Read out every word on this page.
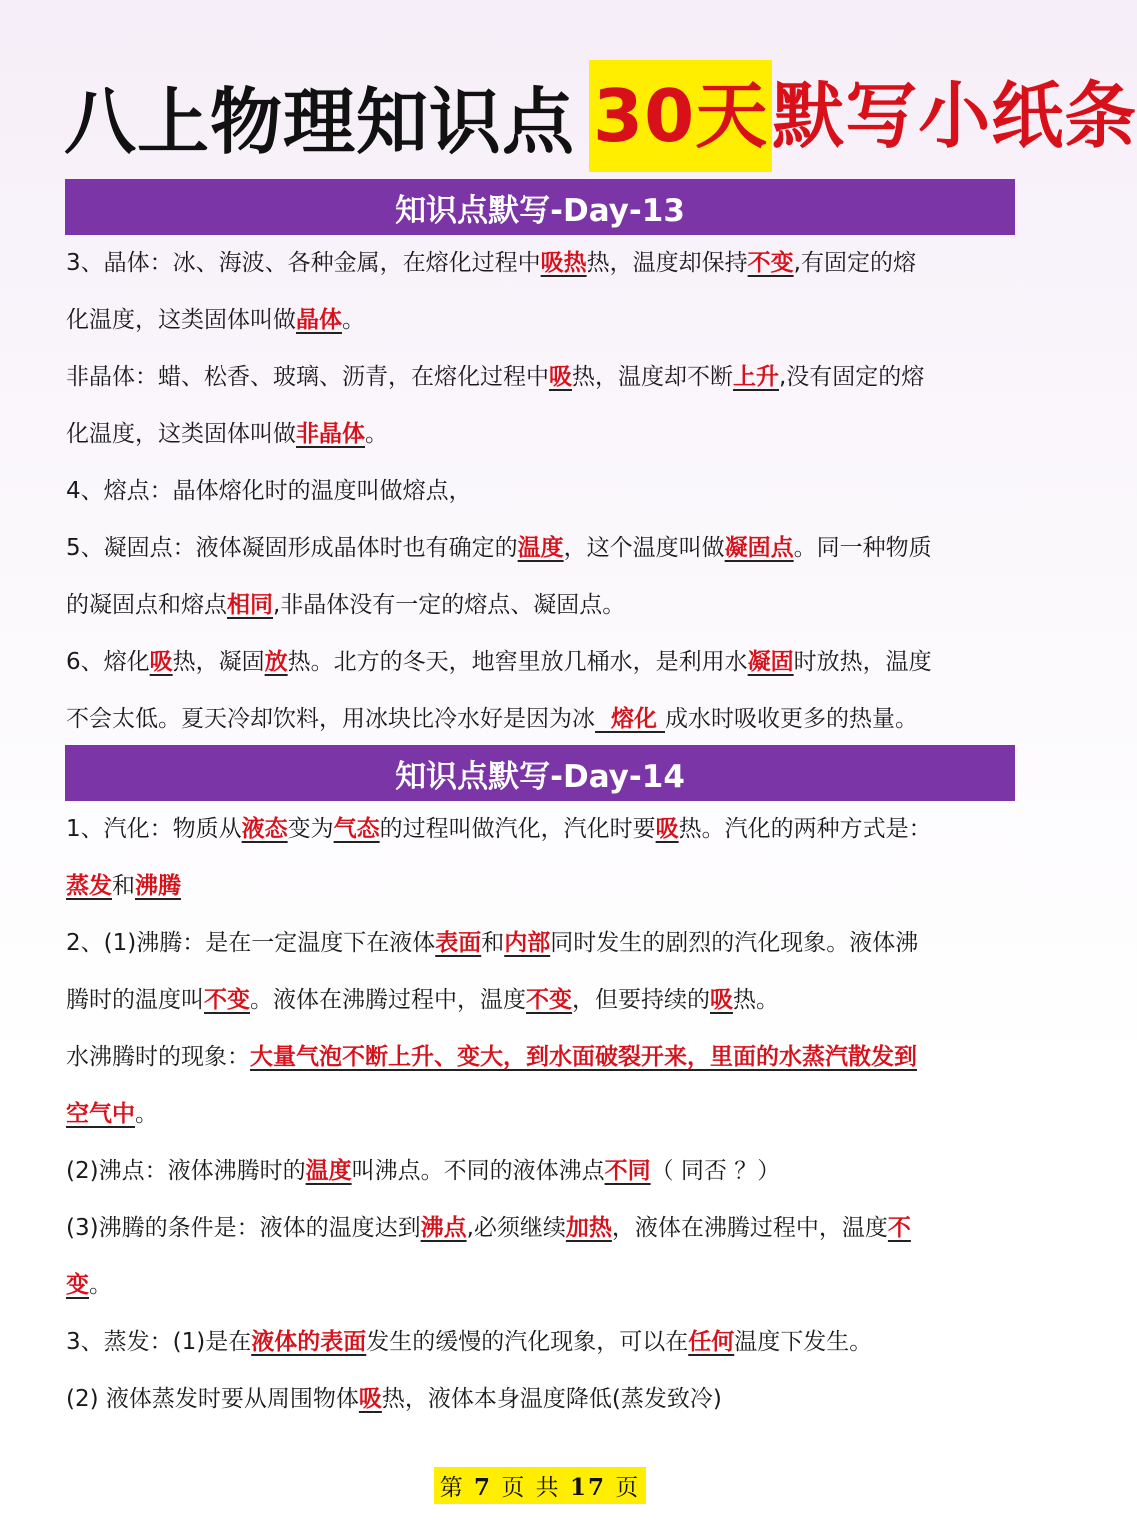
八上物理知识点 30天 默写小纸条
知识点默写-Day-13
3、晶体：冰、海波、各种金属，在熔化过程中吸热热，温度却保持不变,有固定的熔
化温度，这类固体叫做晶体。
非晶体：蜡、松香、玻璃、沥青，在熔化过程中吸热，温度却不断上升,没有固定的熔
化温度，这类固体叫做非晶体。
4、熔点：晶体熔化时的温度叫做熔点，
5、凝固点：液体凝固形成晶体时也有确定的温度，这个温度叫做凝固点。同一种物质
的凝固点和熔点相同,非晶体没有一定的熔点、凝固点。
6、熔化吸热，凝固放热。北方的冬天，地窖里放几桶水，是利用水凝固时放热，温度
不会太低。夏天冷却饮料，用冰块比冷水好是因为冰  熔化 成水时吸收更多的热量。
知识点默写-Day-14
1、汽化：物质从液态变为气态的过程叫做汽化，汽化时要吸热。汽化的两种方式是：
蒸发和沸腾
2、(1)沸腾：是在一定温度下在液体表面和内部同时发生的剧烈的汽化现象。液体沸
腾时的温度叫不变。液体在沸腾过程中，温度不变，但要持续的吸热。
水沸腾时的现象：大量气泡不断上升、变大，到水面破裂开来，里面的水蒸汽散发到
空气中。
(2)沸点：液体沸腾时的温度叫沸点。不同的液体沸点不同（ 同否 ？）
(3)沸腾的条件是：液体的温度达到沸点,必须继续加热，液体在沸腾过程中，温度不
变。
3、蒸发：(1)是在液体的表面发生的缓慢的汽化现象，可以在任何温度下发生。
(2) 液体蒸发时要从周围物体吸热，液体本身温度降低(蒸发致冷)
第 7 页 共 17 页
